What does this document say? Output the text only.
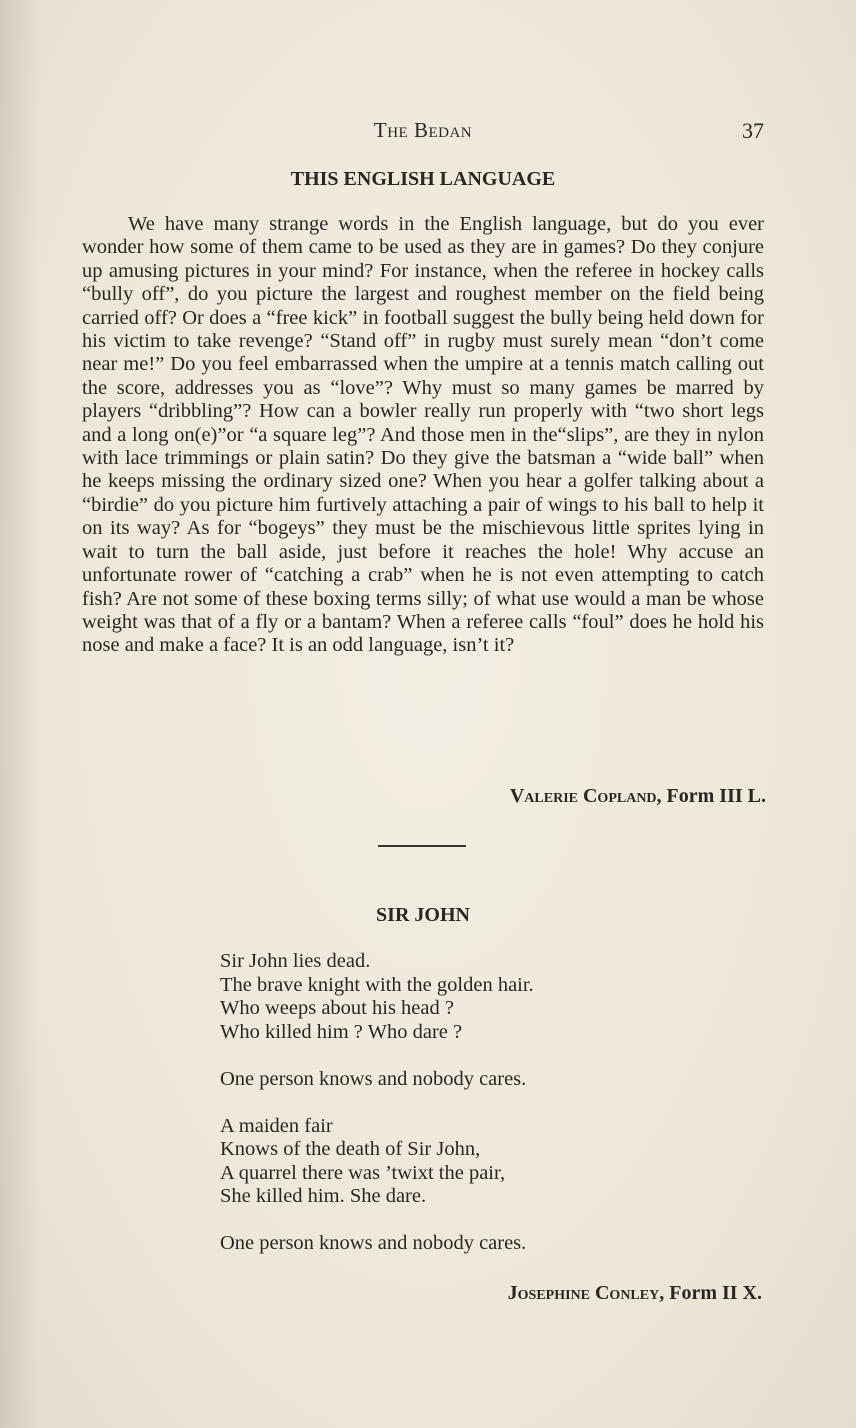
The Bedan	37
THIS ENGLISH LANGUAGE

We have many strange words in the English language, but do you ever wonder how some of them came to be used as they are in games? Do they conjure up amusing pictures in your mind? For instance, when the referee in hockey calls “bully off”, do you picture the largest and roughest member on the field being carried off? Or does a “free kick” in football suggest the bully being held down for his victim to take revenge? “Stand off” in rugby must surely mean “don’t come near me!” Do you feel embarrassed when the umpire at a tennis match calling out the score, addresses you as “love”? Why must so many games be marred by players “dribbling”? How can a bowler really run properly with “two short legs and a long on(e)”or “a square leg”? And those men in the“slips”, are they in nylon with lace trimmings or plain satin? Do they give the batsman a “wide ball” when he keeps missing the ordinary sized one? When you hear a golfer talking about a “birdie” do you picture him furtively attaching a pair of wings to his ball to help it on its way? As for “bogeys” they must be the mischievous little sprites lying in wait to turn the ball aside, just before it reaches the hole! Why accuse an unfortunate rower of “catching a crab” when he is not even attempting to catch fish? Are not some of these boxing terms silly; of what use would a man be whose weight was that of a fly or a bantam? When a referee calls “foul” does he hold his nose and make a face? It is an odd language, isn’t it?

Valerie Copland, Form III L.
SIR JOHN
Sir John lies dead.
The brave knight with the golden hair.
Who weeps about his head ?
Who killed him ? Who dare ?
One person knows and nobody cares.
A maiden fair
Knows of the death of Sir John,
A quarrel there was ’twixt the pair,
She killed him. She dare.
One person knows and nobody cares.
Josephine Conley, Form II X.
